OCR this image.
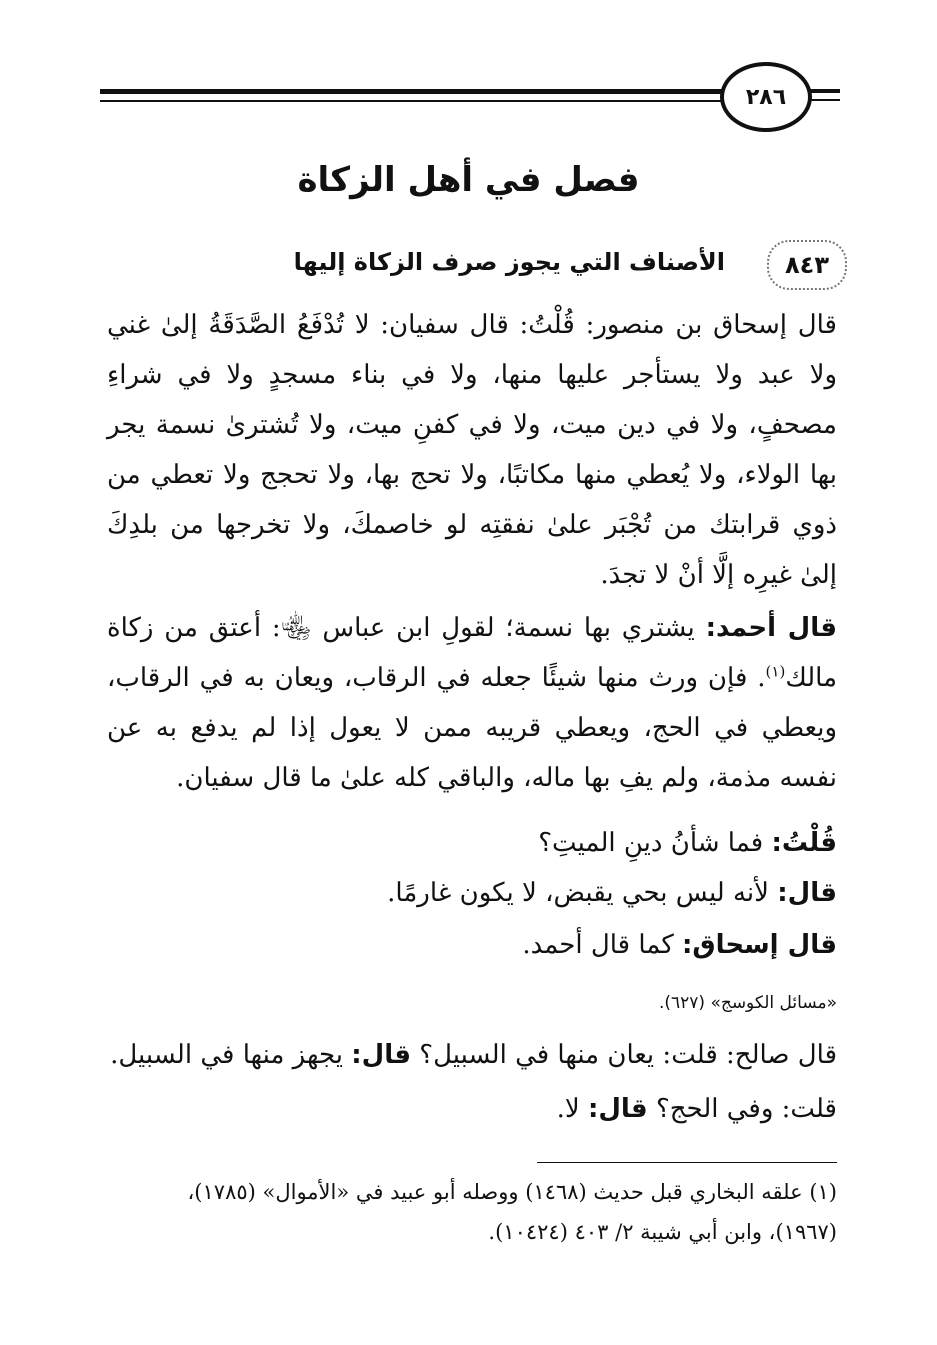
٢٨٦
فصل في أهل الزكاة
٨٤٣
الأصناف التي يجوز صرف الزكاة إليها

قال إسحاق بن منصور: قُلْتُ: قال سفيان: لا تُدْفَعُ الصَّدَقَةُ إلىٰ غني ولا عبد ولا يستأجر عليها منها، ولا في بناء مسجدٍ ولا في شراءِ مصحفٍ، ولا في دين ميت، ولا في كفنِ ميت، ولا تُشترىٰ نسمة يجر بها الولاء، ولا يُعطي منها مكاتبًا، ولا تحج بها، ولا تحجج ولا تعطي من ذوي قرابتك من تُجْبَر علىٰ نفقتِه لو خاصمكَ، ولا تخرجها من بلدِكَ إلىٰ غيرِه إلَّا أنْ لا تجدَ.

قال أحمد: يشتري بها نسمة؛ لقولِ ابن عباس ﵄: أعتق من زكاة مالك$^{(١)}$. فإن ورث منها شيئًا جعله في الرقاب، ويعان به في الرقاب، ويعطي في الحج، ويعطي قريبه ممن لا يعول إذا لم يدفع به عن نفسه مذمة، ولم يفِ بها ماله، والباقي كله علىٰ ما قال سفيان.

قُلْتُ: فما شأنُ دينِ الميتِ؟

قال: لأنه ليس بحي يقبض، لا يكون غارمًا.

قال إسحاق: كما قال أحمد.

«مسائل الكوسج» (٦٢٧).

قال صالح: قلت: يعان منها في السبيل؟ قال: يجهز منها في السبيل.

قلت: وفي الحج؟ قال: لا.

(١) علقه البخاري قبل حديث (١٤٦٨) ووصله أبو عبيد في «الأموال» (١٧٨٥)،
(١٩٦٧)، وابن أبي شيبة ٢/ ٤٠٣ (١٠٤٢٤).
